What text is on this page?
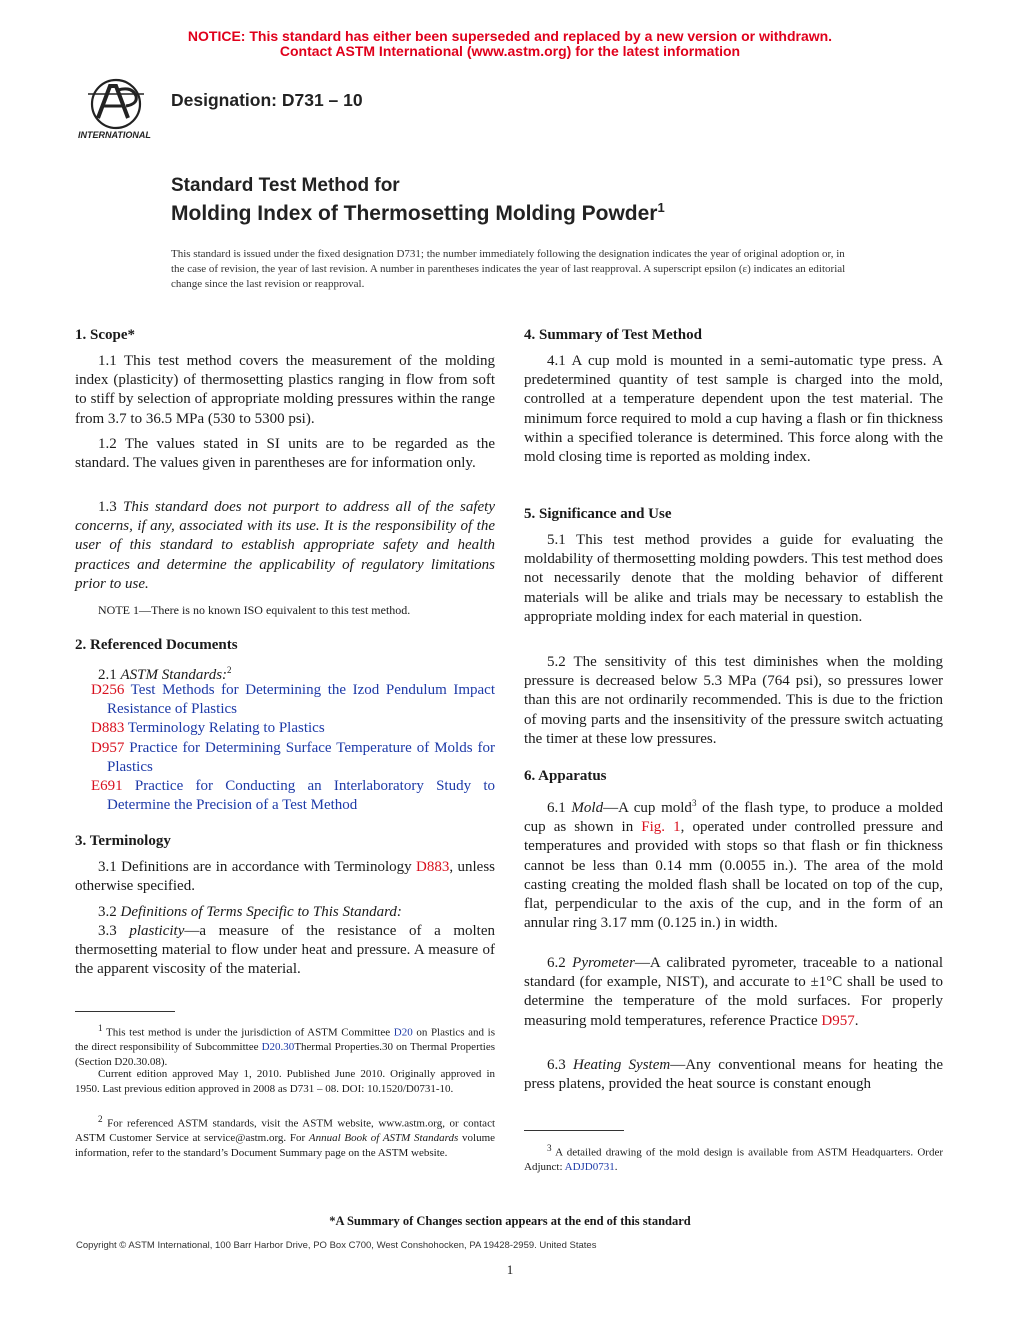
NOTICE: This standard has either been superseded and replaced by a new version or withdrawn.
Contact ASTM International (www.astm.org) for the latest information
INTERNATIONAL
Designation: D731 – 10
Standard Test Method for
Molding Index of Thermosetting Molding Powder$^1$
This standard is issued under the fixed designation D731; the number immediately following the designation indicates the year of original adoption or, in the case of revision, the year of last revision. A number in parentheses indicates the year of last reapproval. A superscript epsilon (ε) indicates an editorial change since the last revision or reapproval.
1. Scope*

1.1 This test method covers the measurement of the molding index (plasticity) of thermosetting plastics ranging in flow from soft to stiff by selection of appropriate molding pressures within the range from 3.7 to 36.5 MPa (530 to 5300 psi).

1.2 The values stated in SI units are to be regarded as the standard. The values given in parentheses are for information only.

1.3 This standard does not purport to address all of the safety concerns, if any, associated with its use. It is the responsibility of the user of this standard to establish appropriate safety and health practices and determine the applicability of regulatory limitations prior to use.

NOTE 1—There is no known ISO equivalent to this test method.

2. Referenced Documents

2.1 ASTM Standards:$^2$

D256 Test Methods for Determining the Izod Pendulum Impact Resistance of Plastics

D883 Terminology Relating to Plastics

D957 Practice for Determining Surface Temperature of Molds for Plastics

E691 Practice for Conducting an Interlaboratory Study to Determine the Precision of a Test Method

3. Terminology

3.1 Definitions are in accordance with Terminology D883, unless otherwise specified.

3.2 Definitions of Terms Specific to This Standard:

3.3 plasticity—a measure of the resistance of a molten thermosetting material to flow under heat and pressure. A measure of the apparent viscosity of the material.

$^1$ This test method is under the jurisdiction of ASTM Committee D20 on Plastics and is the direct responsibility of Subcommittee D20.30Thermal Properties.30 on Thermal Properties (Section D20.30.08).

Current edition approved May 1, 2010. Published June 2010. Originally approved in 1950. Last previous edition approved in 2008 as D731 – 08. DOI: 10.1520/D0731-10.

$^2$ For referenced ASTM standards, visit the ASTM website, www.astm.org, or contact ASTM Customer Service at service@astm.org. For Annual Book of ASTM Standards volume information, refer to the standard’s Document Summary page on the ASTM website.

4. Summary of Test Method

4.1 A cup mold is mounted in a semi-automatic type press. A predetermined quantity of test sample is charged into the mold, controlled at a temperature dependent upon the test material. The minimum force required to mold a cup having a flash or fin thickness within a specified tolerance is determined. This force along with the mold closing time is reported as molding index.

5. Significance and Use

5.1 This test method provides a guide for evaluating the moldability of thermosetting molding powders. This test method does not necessarily denote that the molding behavior of different materials will be alike and trials may be necessary to establish the appropriate molding index for each material in question.

5.2 The sensitivity of this test diminishes when the molding pressure is decreased below 5.3 MPa (764 psi), so pressures lower than this are not ordinarily recommended. This is due to the friction of moving parts and the insensitivity of the pressure switch actuating the timer at these low pressures.

6. Apparatus

6.1 Mold—A cup mold$^3$ of the flash type, to produce a molded cup as shown in Fig. 1, operated under controlled pressure and temperatures and provided with stops so that flash or fin thickness cannot be less than 0.14 mm (0.0055 in.). The area of the mold casting creating the molded flash shall be located on top of the cup, flat, perpendicular to the axis of the cup, and in the form of an annular ring 3.17 mm (0.125 in.) in width.

6.2 Pyrometer—A calibrated pyrometer, traceable to a national standard (for example, NIST), and accurate to ±1°C shall be used to determine the temperature of the mold surfaces. For properly measuring mold temperatures, reference Practice D957.

6.3 Heating System—Any conventional means for heating the press platens, provided the heat source is constant enough

$^3$ A detailed drawing of the mold design is available from ASTM Headquarters. Order Adjunct: ADJD0731.

*A Summary of Changes section appears at the end of this standard
Copyright © ASTM International, 100 Barr Harbor Drive, PO Box C700, West Conshohocken, PA 19428-2959. United States
1
